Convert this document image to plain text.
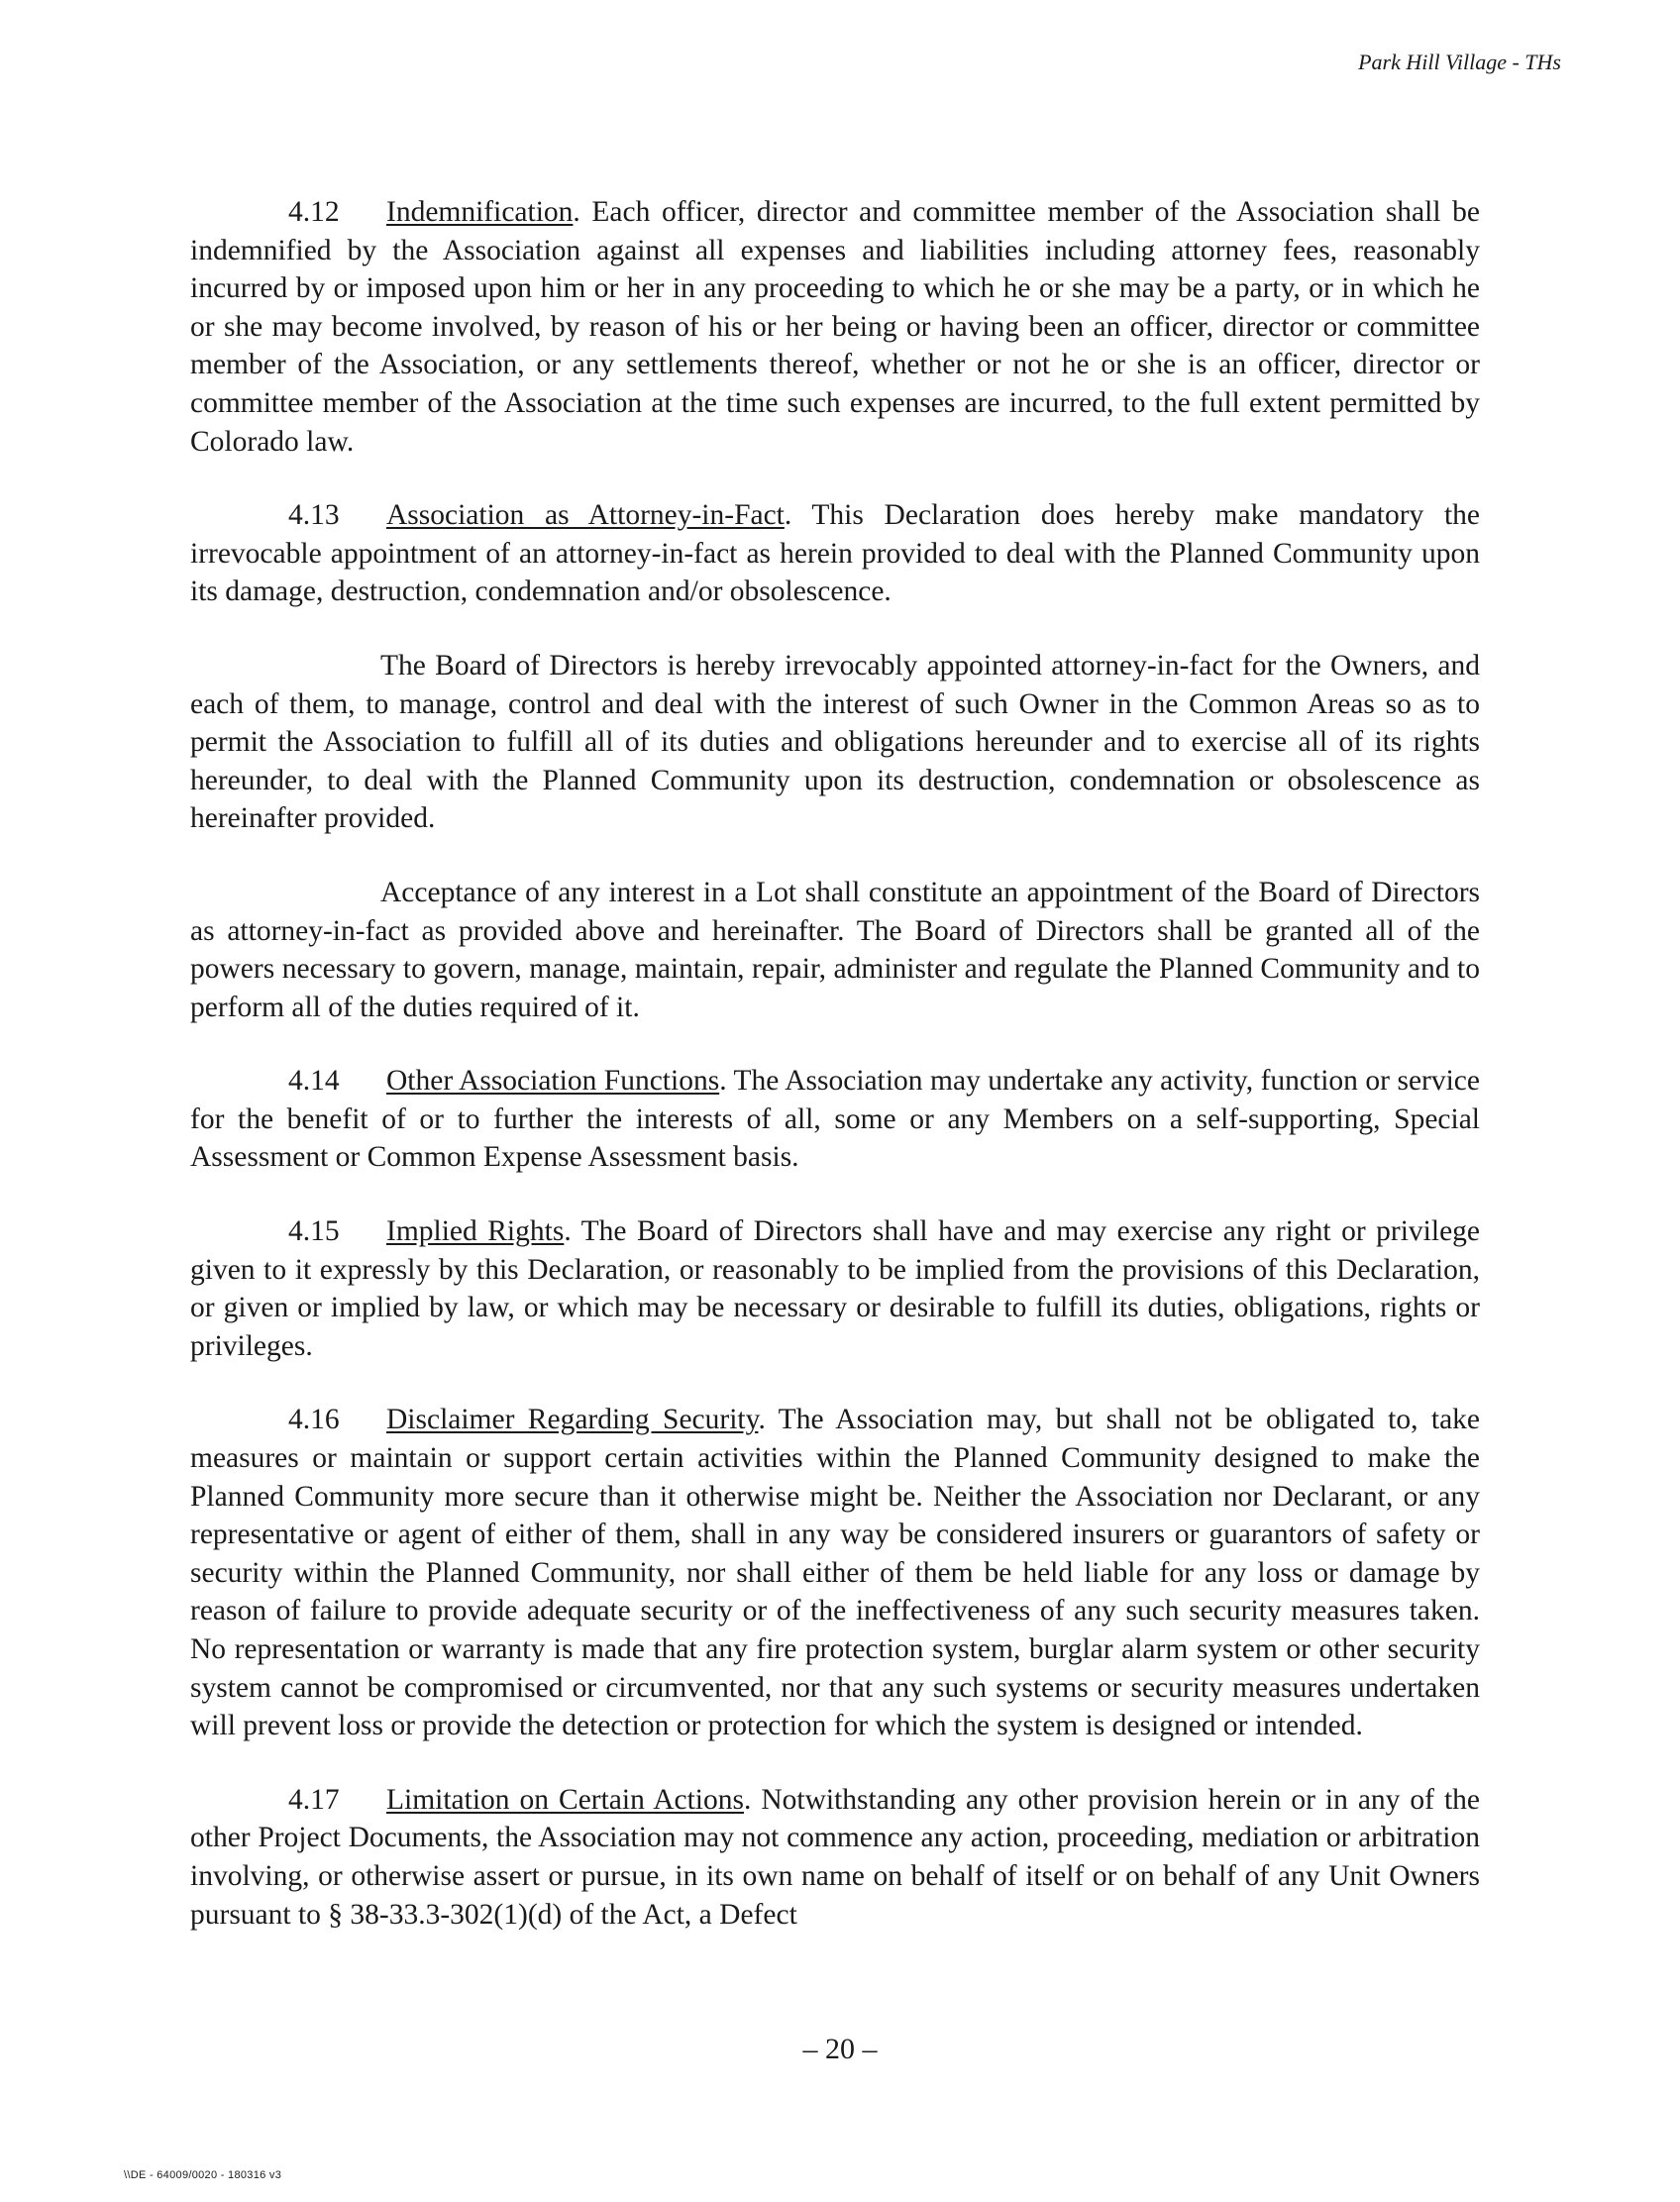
Park Hill Village - THs

4.12 Indemnification. Each officer, director and committee member of the Association shall be indemnified by the Association against all expenses and liabilities including attorney fees, reasonably incurred by or imposed upon him or her in any proceeding to which he or she may be a party, or in which he or she may become involved, by reason of his or her being or having been an officer, director or committee member of the Association, or any settlements thereof, whether or not he or she is an officer, director or committee member of the Association at the time such expenses are incurred, to the full extent permitted by Colorado law.

4.13 Association as Attorney-in-Fact. This Declaration does hereby make mandatory the irrevocable appointment of an attorney-in-fact as herein provided to deal with the Planned Community upon its damage, destruction, condemnation and/or obsolescence.

The Board of Directors is hereby irrevocably appointed attorney-in-fact for the Owners, and each of them, to manage, control and deal with the interest of such Owner in the Common Areas so as to permit the Association to fulfill all of its duties and obligations hereunder and to exercise all of its rights hereunder, to deal with the Planned Community upon its destruction, condemnation or obsolescence as hereinafter provided.

Acceptance of any interest in a Lot shall constitute an appointment of the Board of Directors as attorney-in-fact as provided above and hereinafter. The Board of Directors shall be granted all of the powers necessary to govern, manage, maintain, repair, administer and regulate the Planned Community and to perform all of the duties required of it.

4.14 Other Association Functions. The Association may undertake any activity, function or service for the benefit of or to further the interests of all, some or any Members on a self-supporting, Special Assessment or Common Expense Assessment basis.

4.15 Implied Rights. The Board of Directors shall have and may exercise any right or privilege given to it expressly by this Declaration, or reasonably to be implied from the provisions of this Declaration, or given or implied by law, or which may be necessary or desirable to fulfill its duties, obligations, rights or privileges.

4.16 Disclaimer Regarding Security. The Association may, but shall not be obligated to, take measures or maintain or support certain activities within the Planned Community designed to make the Planned Community more secure than it otherwise might be. Neither the Association nor Declarant, or any representative or agent of either of them, shall in any way be considered insurers or guarantors of safety or security within the Planned Community, nor shall either of them be held liable for any loss or damage by reason of failure to provide adequate security or of the ineffectiveness of any such security measures taken. No representation or warranty is made that any fire protection system, burglar alarm system or other security system cannot be compromised or circumvented, nor that any such systems or security measures undertaken will prevent loss or provide the detection or protection for which the system is designed or intended.

4.17 Limitation on Certain Actions. Notwithstanding any other provision herein or in any of the other Project Documents, the Association may not commence any action, proceeding, mediation or arbitration involving, or otherwise assert or pursue, in its own name on behalf of itself or on behalf of any Unit Owners pursuant to § 38-33.3-302(1)(d) of the Act, a Defect

– 20 –
\\DE - 64009/0020 - 180316 v3
